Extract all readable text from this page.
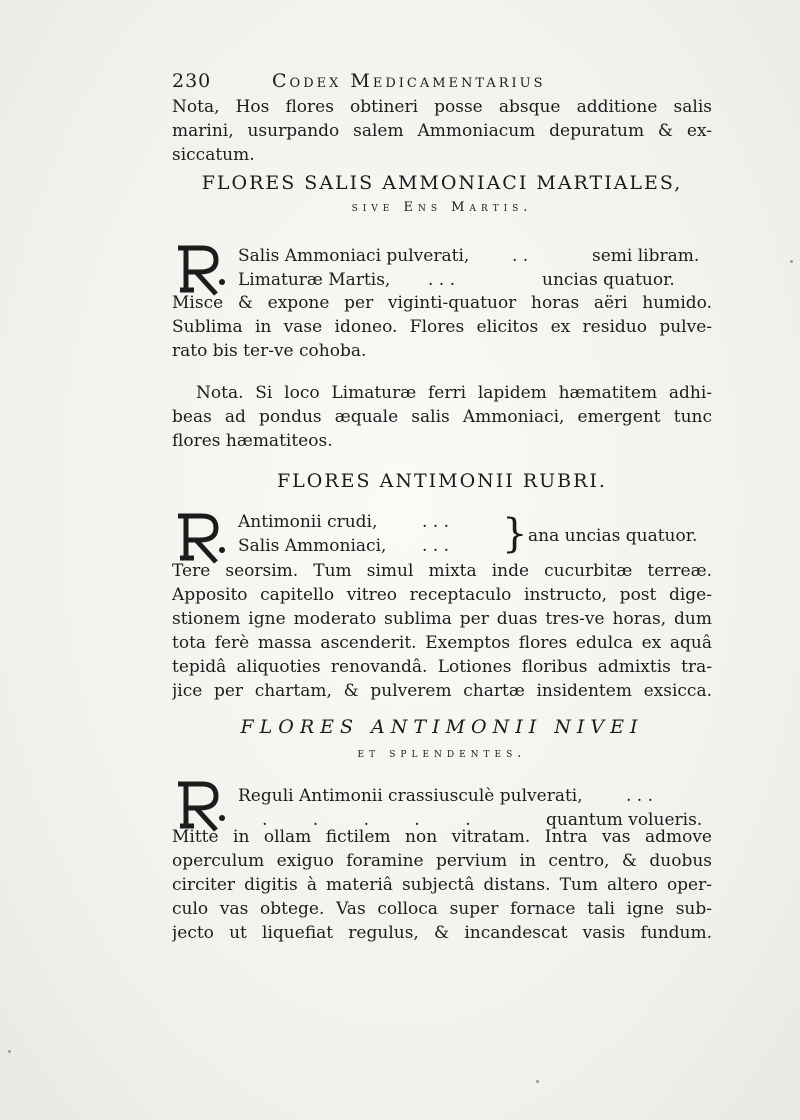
230	Codex Medicamentarius
Nota, Hos flores obtineri posse absque additione salis
marini, usurpando salem Ammoniacum depuratum & ex-
siccatum.
FLORES SALIS AMMONIACI MARTIALES,
sive Ens Martis.
Salis Ammoniaci pulverati,	. .	semi libram.
Limaturæ Martis, . . .	uncias quatuor.
Misce & expone per viginti-quatuor horas aëri humido.
Sublima in vase idoneo. Flores elicitos ex residuo pulve-
rato bis ter-ve cohoba.
Nota. Si loco Limaturæ ferri lapidem hæmatitem adhi-
beas ad pondus æquale salis Ammoniaci, emergent tunc
flores hæmatiteos.
FLORES ANTIMONII RUBRI.
Antimonii crudi,	. . .
Salis Ammoniaci, . . . } ana uncias quatuor.
Tere seorsim. Tum simul mixta inde cucurbitæ terreæ.
Apposito capitello vitreo receptaculo instructo, post dige-
stionem igne moderato sublima per duas tres-ve horas, dum
tota ferè massa ascenderit. Exemptos flores edulca ex aquâ
tepidâ aliquoties renovandâ. Lotiones floribus admixtis tra-
jice per chartam, & pulverem chartæ insidentem exsicca.
FLORES ANTIMONII NIVEI
et splendentes.
Reguli Antimonii crassiusculè pulverati,	. . .
. . . . .	quantum volueris.
Mitte in ollam fictilem non vitratam. Intra vas admove
operculum exiguo foramine pervium in centro, & duobus
circiter digitis à materiâ subjectâ distans. Tum altero oper-
culo vas obtege. Vas colloca super fornace tali igne sub-
jecto ut liquefiat regulus, & incandescat vasis fundum.
